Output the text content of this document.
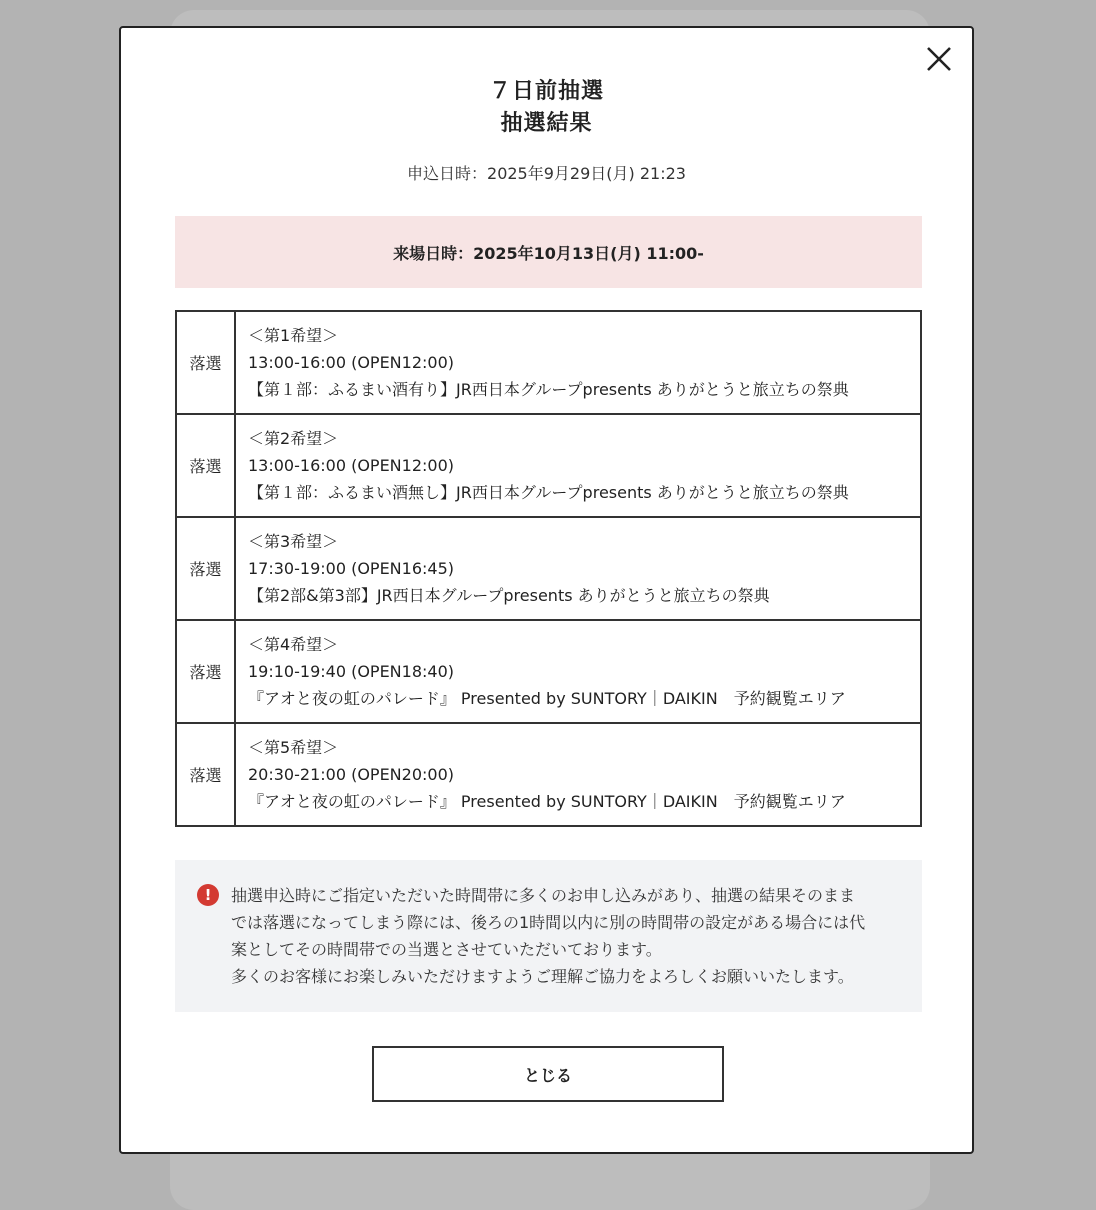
７日前抽選
抽選結果
申込日時：2025年9月29日(月) 21:23
来場日時：2025年10月13日(月) 11:00-
落選	＜第1希望＞
13:00-16:00 (OPEN12:00)
【第１部：ふるまい酒有り】JR西日本グループpresents ありがとうと旅立ちの祭典

落選	＜第2希望＞
13:00-16:00 (OPEN12:00)
【第１部：ふるまい酒無し】JR西日本グループpresents ありがとうと旅立ちの祭典

落選	＜第3希望＞
17:30-19:00 (OPEN16:45)
【第2部&第3部】JR西日本グループpresents ありがとうと旅立ちの祭典

落選	＜第4希望＞
19:10-19:40 (OPEN18:40)
『アオと夜の虹のパレード』 Presented by SUNTORY｜DAIKIN　予約観覧エリア

落選	＜第5希望＞
20:30-21:00 (OPEN20:00)
『アオと夜の虹のパレード』 Presented by SUNTORY｜DAIKIN　予約観覧エリア
!	抽選申込時にご指定いただいた時間帯に多くのお申し込みがあり、抽選の結果そのまま

では落選になってしまう際には、後ろの1時間以内に別の時間帯の設定がある場合には代

案としてその時間帯での当選とさせていただいております。

多くのお客様にお楽しみいただけますようご理解ご協力をよろしくお願いいたします。

とじる
